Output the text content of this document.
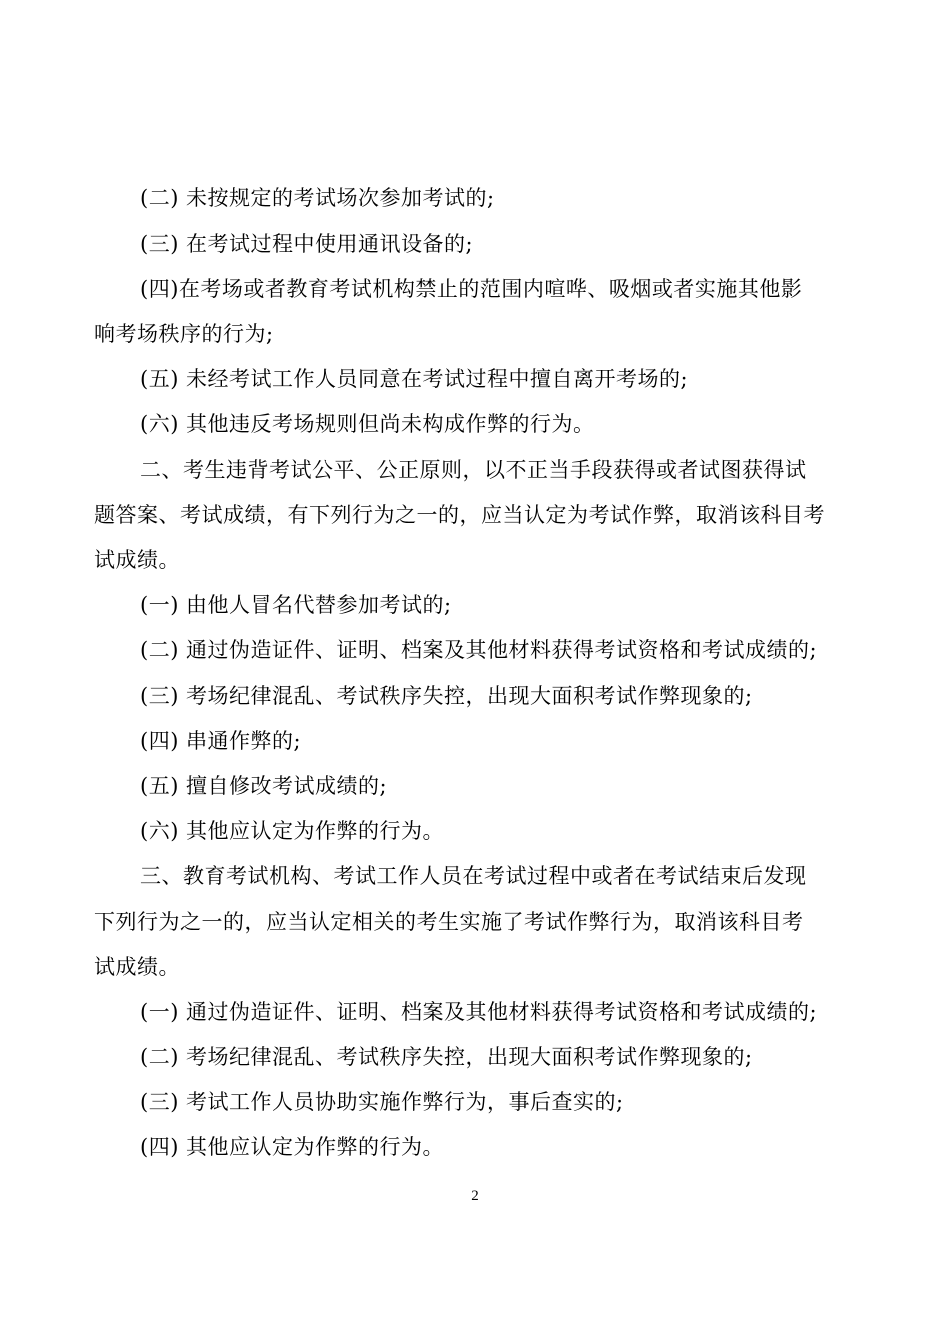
(二) 未按规定的考试场次参加考试的;
(三) 在考试过程中使用通讯设备的;
(四)在考场或者教育考试机构禁止的范围内喧哗、吸烟或者实施其他影
响考场秩序的行为;
(五) 未经考试工作人员同意在考试过程中擅自离开考场的;
(六) 其他违反考场规则但尚未构成作弊的行为。
二、考生违背考试公平、公正原则，以不正当手段获得或者试图获得试
题答案、考试成绩，有下列行为之一的，应当认定为考试作弊，取消该科目考
试成绩。
(一) 由他人冒名代替参加考试的;
(二) 通过伪造证件、证明、档案及其他材料获得考试资格和考试成绩的;
(三) 考场纪律混乱、考试秩序失控，出现大面积考试作弊现象的;
(四) 串通作弊的;
(五) 擅自修改考试成绩的;
(六) 其他应认定为作弊的行为。
三、教育考试机构、考试工作人员在考试过程中或者在考试结束后发现
下列行为之一的，应当认定相关的考生实施了考试作弊行为，取消该科目考
试成绩。
(一) 通过伪造证件、证明、档案及其他材料获得考试资格和考试成绩的;
(二) 考场纪律混乱、考试秩序失控，出现大面积考试作弊现象的;
(三) 考试工作人员协助实施作弊行为，事后查实的;
(四) 其他应认定为作弊的行为。
2
